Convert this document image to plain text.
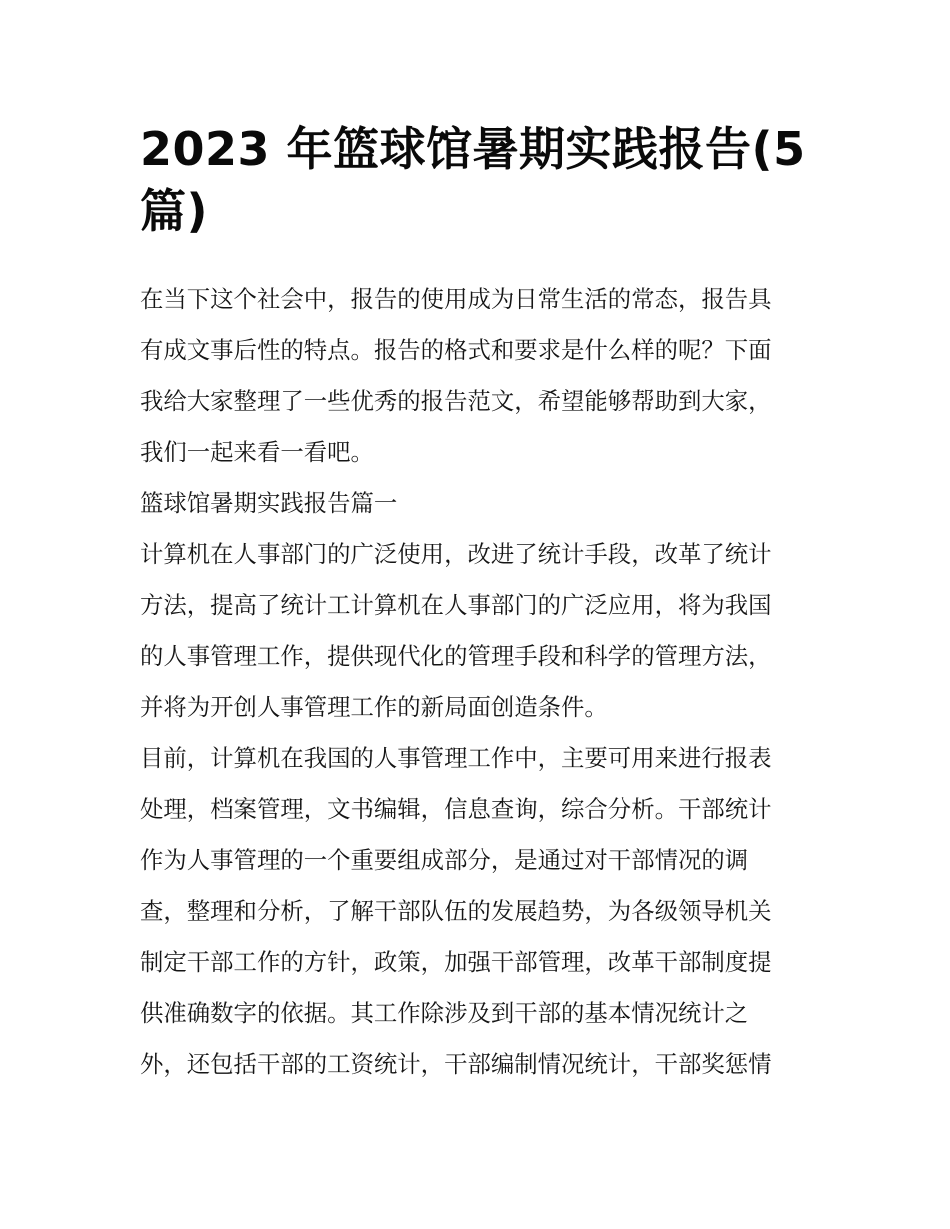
2023 年篮球馆暑期实践报告(5
篇)
在当下这个社会中，报告的使用成为日常生活的常态，报告具
有成文事后性的特点。报告的格式和要求是什么样的呢？下面
我给大家整理了一些优秀的报告范文，希望能够帮助到大家，
我们一起来看一看吧。
篮球馆暑期实践报告篇一
计算机在人事部门的广泛使用，改进了统计手段，改革了统计
方法，提高了统计工计算机在人事部门的广泛应用，将为我国
的人事管理工作，提供现代化的管理手段和科学的管理方法，
并将为开创人事管理工作的新局面创造条件。
目前，计算机在我国的人事管理工作中，主要可用来进行报表
处理，档案管理，文书编辑，信息查询，综合分析。干部统计
作为人事管理的一个重要组成部分，是通过对干部情况的调
查，整理和分析，了解干部队伍的发展趋势，为各级领导机关
制定干部工作的方针，政策，加强干部管理，改革干部制度提
供准确数字的依据。其工作除涉及到干部的基本情况统计之
外，还包括干部的工资统计，干部编制情况统计，干部奖惩情
